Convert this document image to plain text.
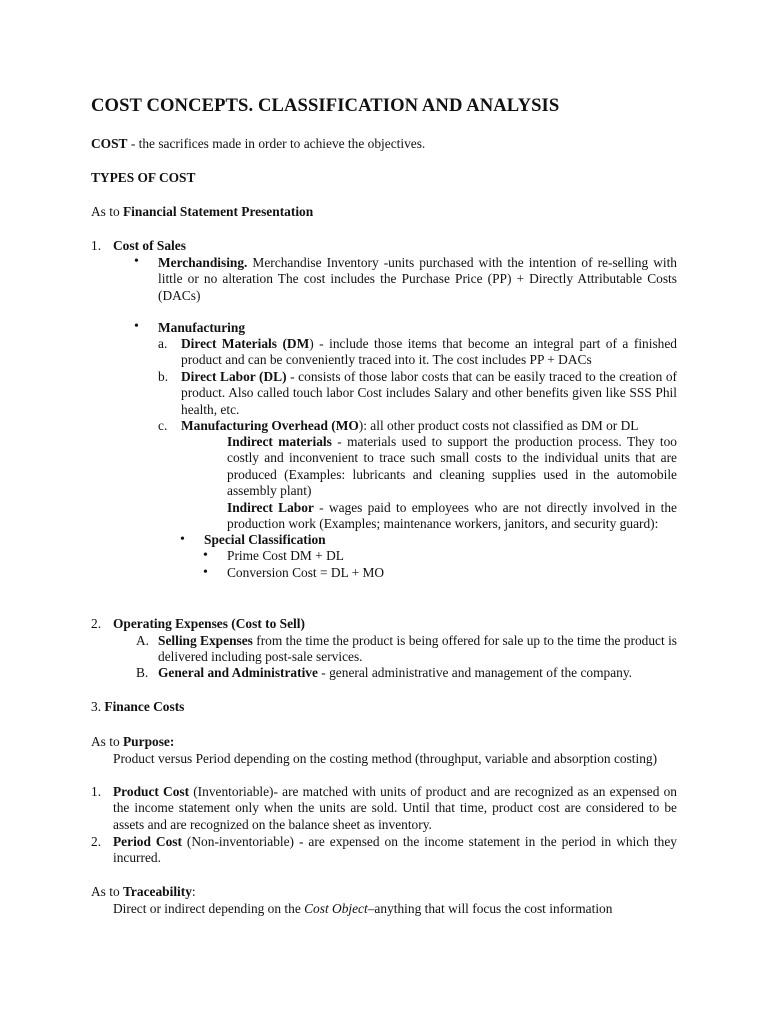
COST CONCEPTS. CLASSIFICATION AND ANALYSIS
COST - the sacrifices made in order to achieve the objectives.
TYPES OF COST
As to Financial Statement Presentation
1. Cost of Sales
• Merchandising. Merchandise Inventory -units purchased with the intention of re-selling with little or no alteration The cost includes the Purchase Price (PP) + Directly Attributable Costs (DACs)
• Manufacturing
a. Direct Materials (DM) - include those items that become an integral part of a finished product and can be conveniently traced into it. The cost includes PP + DACs
b. Direct Labor (DL) - consists of those labor costs that can be easily traced to the creation of product. Also called touch labor Cost includes Salary and other benefits given like SSS Phil health, etc.
c. Manufacturing Overhead (MO): all other product costs not classified as DM or DL
Indirect materials - materials used to support the production process. They too costly and inconvenient to trace such small costs to the individual units that are produced (Examples: lubricants and cleaning supplies used in the automobile assembly plant)
Indirect Labor - wages paid to employees who are not directly involved in the production work (Examples; maintenance workers, janitors, and security guard):
• Special Classification
• Prime Cost DM + DL
• Conversion Cost = DL + MO
2. Operating Expenses (Cost to Sell)
A. Selling Expenses from the time the product is being offered for sale up to the time the product is delivered including post-sale services.
B. General and Administrative - general administrative and management of the company.
3. Finance Costs
As to Purpose:
Product versus Period depending on the costing method (throughput, variable and absorption costing)
1. Product Cost (Inventoriable)- are matched with units of product and are recognized as an expensed on the income statement only when the units are sold. Until that time, product cost are considered to be assets and are recognized on the balance sheet as inventory.
2. Period Cost (Non-inventoriable) - are expensed on the income statement in the period in which they incurred.
As to Traceability:
Direct or indirect depending on the Cost Object–anything that will focus the cost information
